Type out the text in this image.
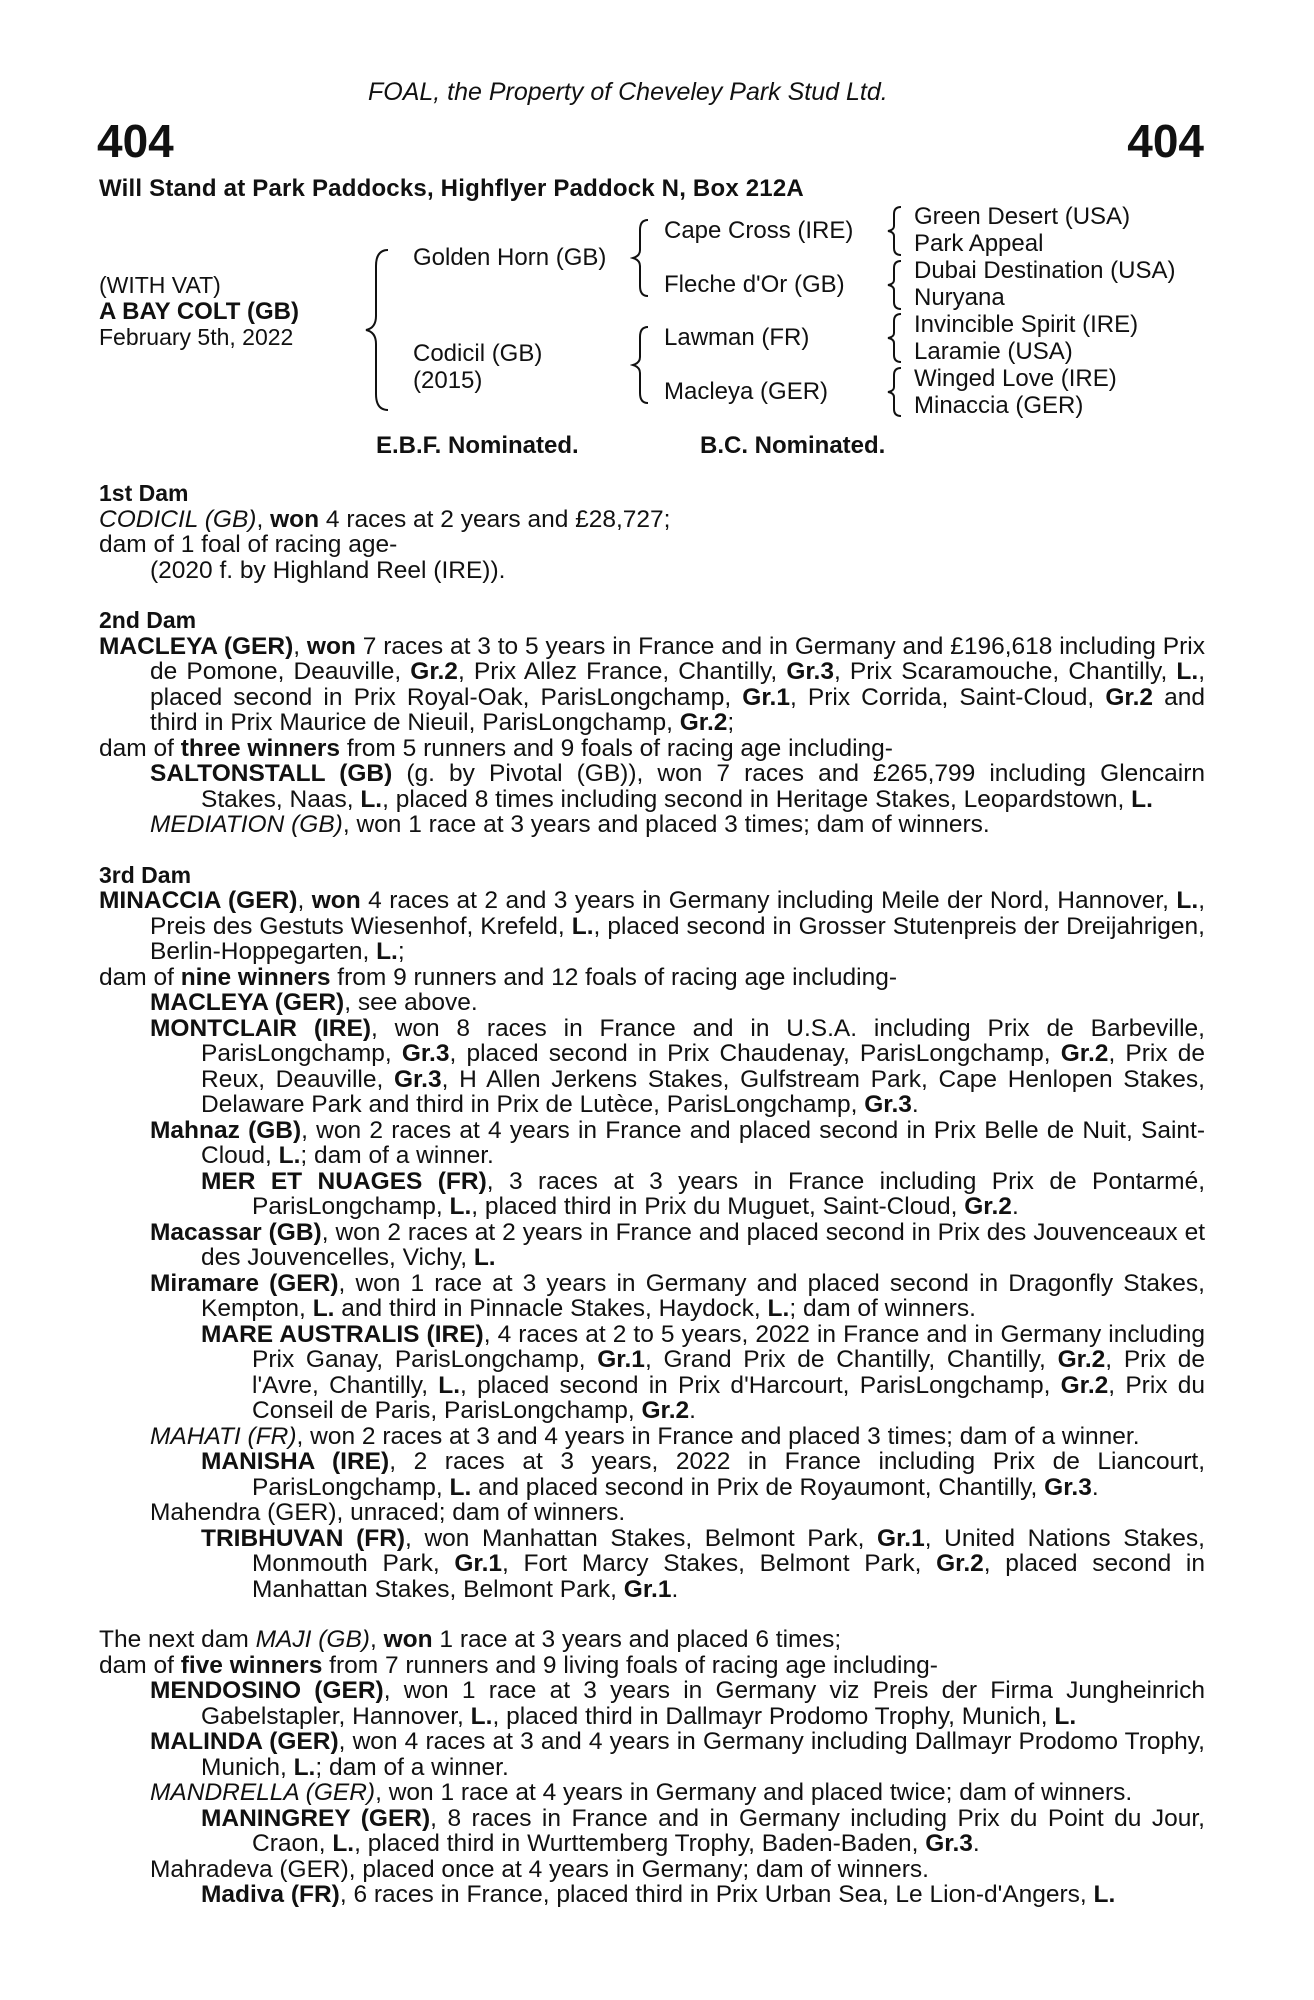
FOAL, the Property of Cheveley Park Stud Ltd.
404	404
Will Stand at Park Paddocks, Highflyer Paddock N, Box 212A
(WITH VAT)
A BAY COLT (GB)
February 5th, 2022
Golden Horn (GB)
Codicil (GB)
(2015)
Cape Cross (IRE)
Fleche d'Or (GB)
Lawman (FR)
Macleya (GER)
Green Desert (USA)
Park Appeal
Dubai Destination (USA)
Nuryana
Invincible Spirit (IRE)
Laramie (USA)
Winged Love (IRE)
Minaccia (GER)
E.B.F. Nominated.	B.C. Nominated.

1st Dam

CODICIL (GB), won 4 races at 2 years and £28,727;

dam of 1 foal of racing age-

(2020 f. by Highland Reel (IRE)).

2nd Dam

MACLEYA (GER), won 7 races at 3 to 5 years in France and in Germany and £196,618 including Prix de Pomone, Deauville, Gr.2, Prix Allez France, Chantilly, Gr.3, Prix Scaramouche, Chantilly, L., placed second in Prix Royal-Oak, ParisLongchamp, Gr.1, Prix Corrida, Saint-Cloud, Gr.2 and third in Prix Maurice de Nieuil, ParisLongchamp, Gr.2;

dam of three winners from 5 runners and 9 foals of racing age including-

SALTONSTALL (GB) (g. by Pivotal (GB)), won 7 races and £265,799 including Glencairn Stakes, Naas, L., placed 8 times including second in Heritage Stakes, Leopardstown, L.

MEDIATION (GB), won 1 race at 3 years and placed 3 times; dam of winners.

3rd Dam

MINACCIA (GER), won 4 races at 2 and 3 years in Germany including Meile der Nord, Hannover, L., Preis des Gestuts Wiesenhof, Krefeld, L., placed second in Grosser Stutenpreis der Dreijahrigen, Berlin-Hoppegarten, L.;

dam of nine winners from 9 runners and 12 foals of racing age including-

MACLEYA (GER), see above.

MONTCLAIR (IRE), won 8 races in France and in U.S.A. including Prix de Barbeville, ParisLongchamp, Gr.3, placed second in Prix Chaudenay, ParisLongchamp, Gr.2, Prix de Reux, Deauville, Gr.3, H Allen Jerkens Stakes, Gulfstream Park, Cape Henlopen Stakes, Delaware Park and third in Prix de Lutèce, ParisLongchamp, Gr.3.

Mahnaz (GB), won 2 races at 4 years in France and placed second in Prix Belle de Nuit, Saint-Cloud, L.; dam of a winner.

MER ET NUAGES (FR), 3 races at 3 years in France including Prix de Pontarmé, ParisLongchamp, L., placed third in Prix du Muguet, Saint-Cloud, Gr.2.

Macassar (GB), won 2 races at 2 years in France and placed second in Prix des Jouvenceaux et des Jouvencelles, Vichy, L.

Miramare (GER), won 1 race at 3 years in Germany and placed second in Dragonfly Stakes, Kempton, L. and third in Pinnacle Stakes, Haydock, L.; dam of winners.

MARE AUSTRALIS (IRE), 4 races at 2 to 5 years, 2022 in France and in Germany including Prix Ganay, ParisLongchamp, Gr.1, Grand Prix de Chantilly, Chantilly, Gr.2, Prix de l'Avre, Chantilly, L., placed second in Prix d'Harcourt, ParisLongchamp, Gr.2, Prix du Conseil de Paris, ParisLongchamp, Gr.2.

MAHATI (FR), won 2 races at 3 and 4 years in France and placed 3 times; dam of a winner.

MANISHA (IRE), 2 races at 3 years, 2022 in France including Prix de Liancourt, ParisLongchamp, L. and placed second in Prix de Royaumont, Chantilly, Gr.3.

Mahendra (GER), unraced; dam of winners.

TRIBHUVAN (FR), won Manhattan Stakes, Belmont Park, Gr.1, United Nations Stakes, Monmouth Park, Gr.1, Fort Marcy Stakes, Belmont Park, Gr.2, placed second in Manhattan Stakes, Belmont Park, Gr.1.

The next dam MAJI (GB), won 1 race at 3 years and placed 6 times;

dam of five winners from 7 runners and 9 living foals of racing age including-

MENDOSINO (GER), won 1 race at 3 years in Germany viz Preis der Firma Jungheinrich Gabelstapler, Hannover, L., placed third in Dallmayr Prodomo Trophy, Munich, L.

MALINDA (GER), won 4 races at 3 and 4 years in Germany including Dallmayr Prodomo Trophy, Munich, L.; dam of a winner.

MANDRELLA (GER), won 1 race at 4 years in Germany and placed twice; dam of winners.

MANINGREY (GER), 8 races in France and in Germany including Prix du Point du Jour, Craon, L., placed third in Wurttemberg Trophy, Baden-Baden, Gr.3.

Mahradeva (GER), placed once at 4 years in Germany; dam of winners.

Madiva (FR), 6 races in France, placed third in Prix Urban Sea, Le Lion-d'Angers, L.
